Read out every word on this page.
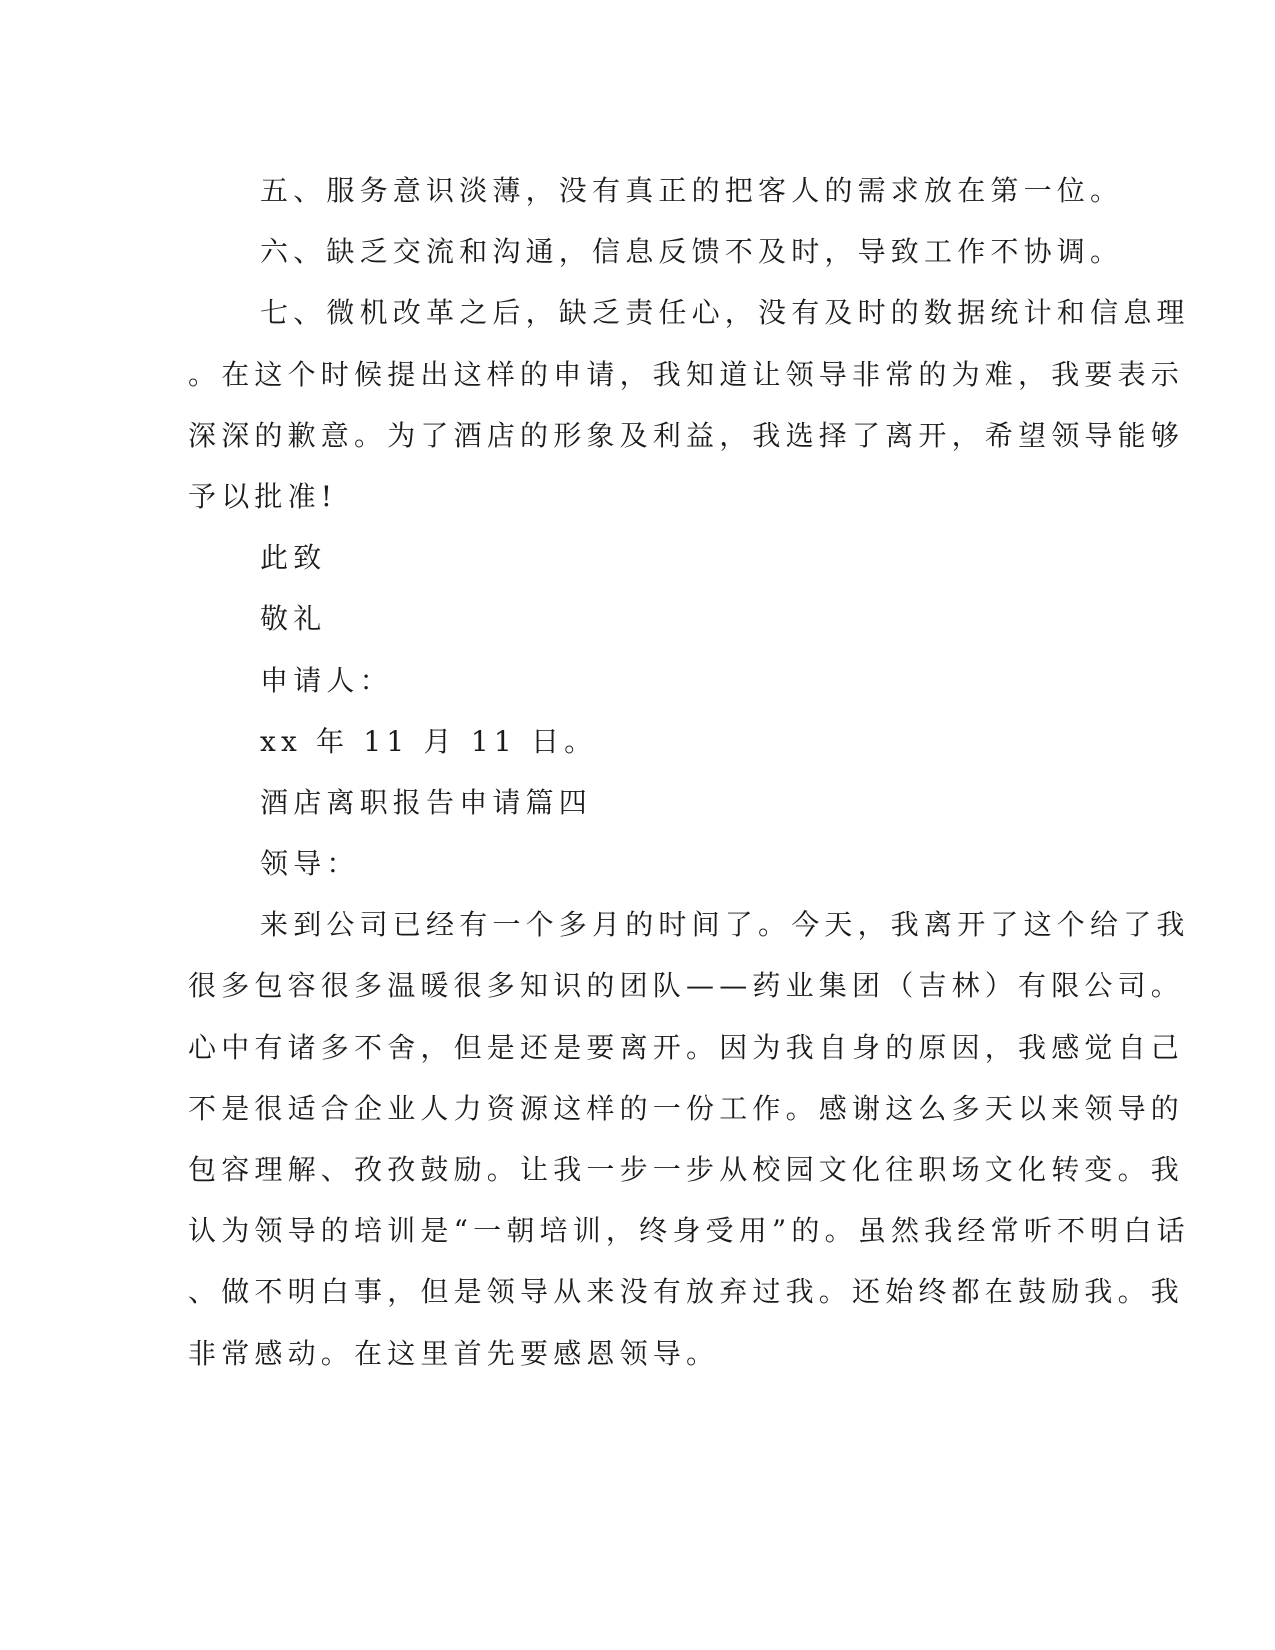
五、服务意识淡薄，没有真正的把客人的需求放在第一位。
六、缺乏交流和沟通，信息反馈不及时，导致工作不协调。
七、微机改革之后，缺乏责任心，没有及时的数据统计和信息理
。在这个时候提出这样的申请，我知道让领导非常的为难，我要表示
深深的歉意。为了酒店的形象及利益，我选择了离开，希望领导能够
予以批准!
此致
敬礼
申请人：
xx 年 11 月 11 日。
酒店离职报告申请篇四
领导：
来到公司已经有一个多月的时间了。今天，我离开了这个给了我
很多包容很多温暖很多知识的团队——药业集团（吉林）有限公司。
心中有诸多不舍，但是还是要离开。因为我自身的原因，我感觉自己
不是很适合企业人力资源这样的一份工作。感谢这么多天以来领导的
包容理解、孜孜鼓励。让我一步一步从校园文化往职场文化转变。我
认为领导的培训是“一朝培训，终身受用”的。虽然我经常听不明白话
、做不明白事，但是领导从来没有放弃过我。还始终都在鼓励我。我
非常感动。在这里首先要感恩领导。
